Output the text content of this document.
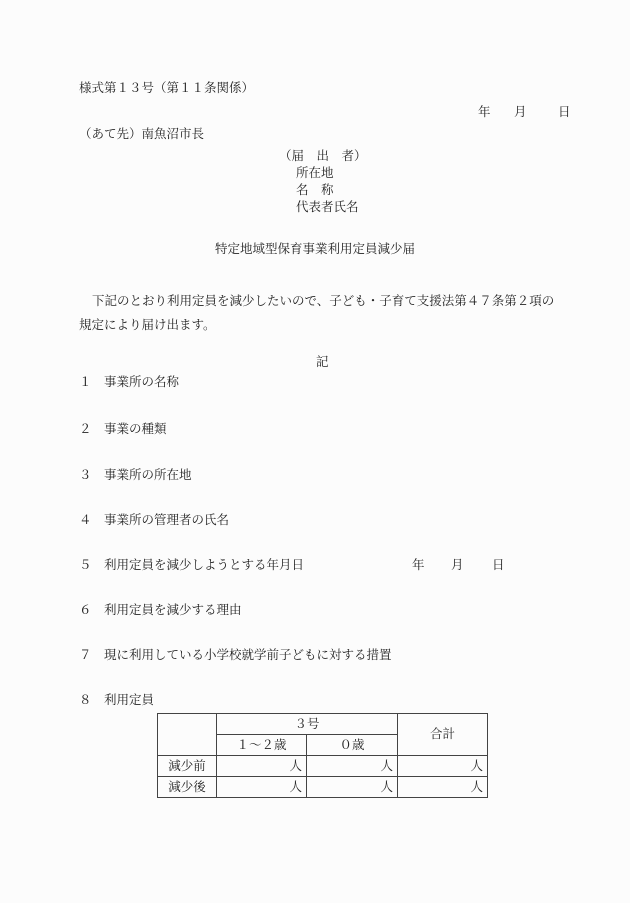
様式第１３号（第１１条関係）
年 月	日
（あて先）南魚沼市長
（届　出　者）
所在地
名　称
代表者氏名
特定地域型保育事業利用定員減少届

下記のとおり利用定員を減少したいので、子ども・子育て支援法第４７条第２項の

規定により届け出ます。

記
１ 事業所の名称
２ 事業の種類
３ 事業所の所在地
４ 事業所の管理者の氏名
５ 利用定員を減少しようとする年月日	年 月 日
６ 利用定員を減少する理由
７ 現に利用している小学校就学前子どもに対する措置
８ 利用定員
	３号		合計
	１～２歳	０歳	
減少前	人	人	人
減少後	人	人	人
